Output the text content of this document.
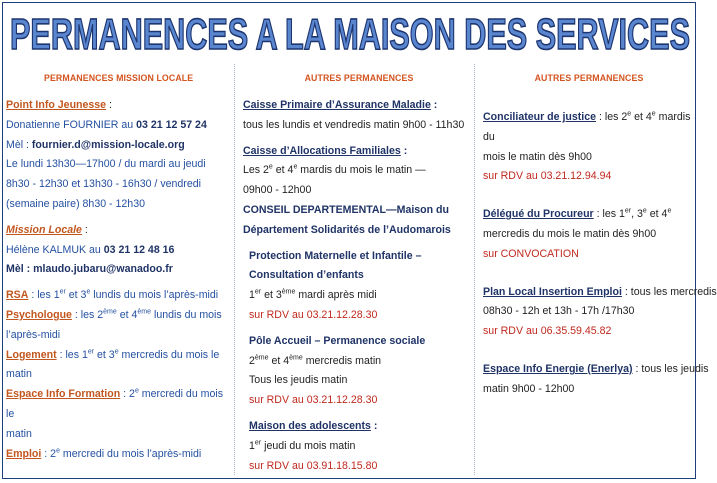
PERMANENCES A LA MAISON DES SERVICES
PERMANENCES MISSION LOCALE
Point Info Jeunesse :
Donatienne FOURNIER au 03 21 12 57 24
Mèl : fournier.d@mission-locale.org
Le lundi 13h30—17h00 / du mardi au jeudi
8h30 - 12h30 et 13h30 - 16h30 / vendredi
(semaine paire) 8h30 - 12h30
Mission Locale :
Hélène KALMUK au 03 21 12 48 16
Mèl : mlaudo.jubaru@wanadoo.fr
RSA : les 1er et 3e lundis du mois l’après-midi
Psychologue : les 2ème et 4ème lundis du mois
l’après-midi
Logement : les 1er et 3e mercredis du mois le
matin
Espace Info Formation : 2e mercredi du mois le
matin
Emploi : 2e mercredi du mois l’après-midi
AUTRES PERMANENCES
Caisse Primaire d’Assurance Maladie :
tous les lundis et vendredis matin 9h00 - 11h30
Caisse d’Allocations Familiales :
Les 2e et 4e mardis du mois le matin —
09h00 - 12h00
CONSEIL DEPARTEMENTAL—Maison du
Département Solidarités de l’Audomarois
Protection Maternelle et Infantile –
Consultation d’enfants
1er et 3ème mardi après midi
sur RDV au 03.21.12.28.30
Pôle Accueil – Permanence sociale
2ème et 4ème mercredis matin
Tous les jeudis matin
sur RDV au 03.21.12.28.30
Maison des adolescents :
1er jeudi du mois matin
sur RDV au 03.91.18.15.80
AUTRES PERMANENCES
Conciliateur de justice : les 2e et 4e mardis du
mois le matin dès 9h00
sur RDV au 03.21.12.94.94
Délégué du Procureur : les 1er, 3e et 4e
mercredis du mois le matin dès 9h00
sur CONVOCATION
Plan Local Insertion Emploi : tous les mercredis
08h30 - 12h et 13h - 17h /17h30
sur RDV au 06.35.59.45.82
Espace Info Energie (Enerlya) : tous les jeudis
matin 9h00 - 12h00
